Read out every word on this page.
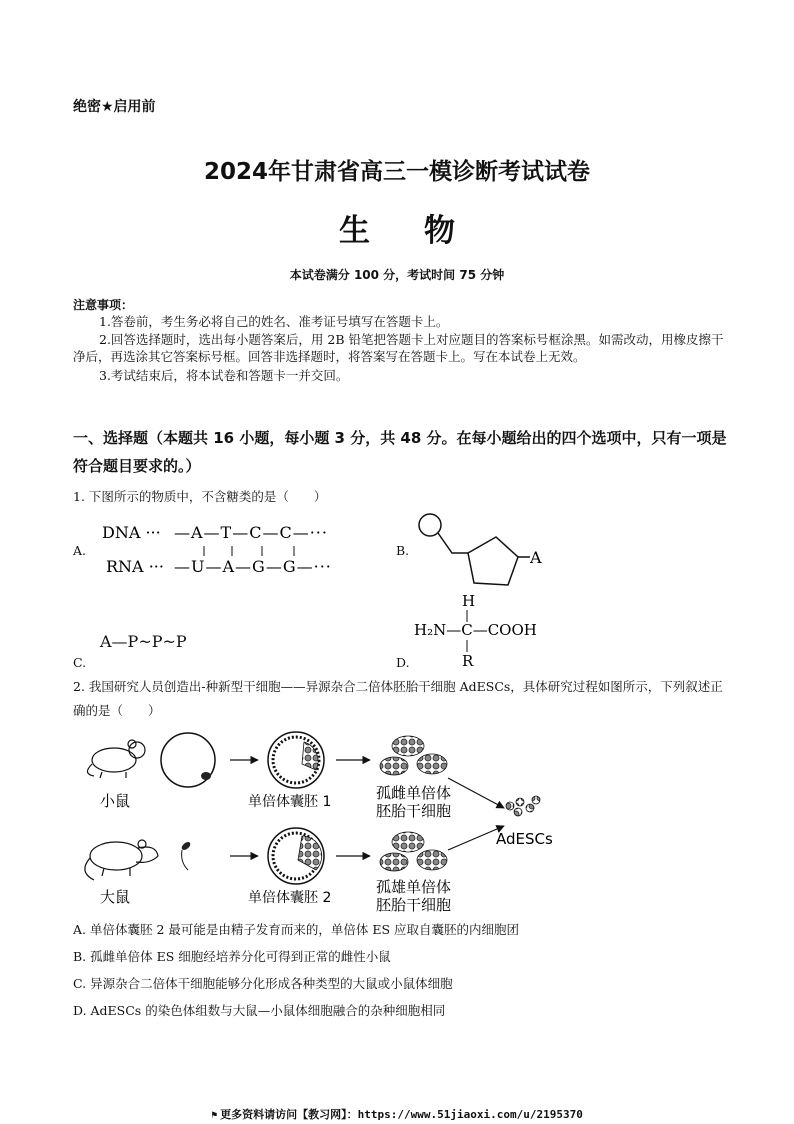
绝密★启用前
2024年甘肃省高三一模诊断考试试卷
生物
本试卷满分 100 分，考试时间 75 分钟
注意事项：
1.答卷前，考生务必将自己的姓名、准考证号填写在答题卡上。
2.回答选择题时，选出每小题答案后，用 2B 铅笔把答题卡上对应题目的答案标号框涂黑。如需改动，用橡皮擦干净后，再选涂其它答案标号框。回答非选择题时，将答案写在答题卡上。写在本试卷上无效。
3.考试结束后，将本试卷和答题卡一并交回。
一、选择题（本题共 16 小题，每小题 3 分，共 48 分。在每小题给出的四个选项中，只有一项是符合题目要求的。）
1. 下图所示的物质中，不含糖类的是（　　）
A.	B.
C.	D.
DNA ··· —A—T—C—C—···
RNA ··· —U—A—G—G—···	A
A—P~P~P
H
H₂N—C—COOH
R
2. 我国研究人员创造出-种新型干细胞——异源杂合二倍体胚胎干细胞 AdESCs，具体研究过程如图所示，下列叙述正确的是（　　）
小鼠	单倍体囊胚 1	孤雌单倍体
胚胎干细胞
AdESCs
大鼠	单倍体囊胚 2
孤雄单倍体
胚胎干细胞
A. 单倍体囊胚 2 最可能是由精子发育而来的，单倍体 ES 应取自囊胚的内细胞团
B. 孤雌单倍体 ES 细胞经培养分化可得到正常的雌性小鼠
C. 异源杂合二倍体干细胞能够分化形成各种类型的大鼠或小鼠体细胞
D. AdESCs 的染色体组数与大鼠—小鼠体细胞融合的杂种细胞相同
⚑ 更多资料请访问【教习网】：https://www.51jiaoxi.com/u/2195370
